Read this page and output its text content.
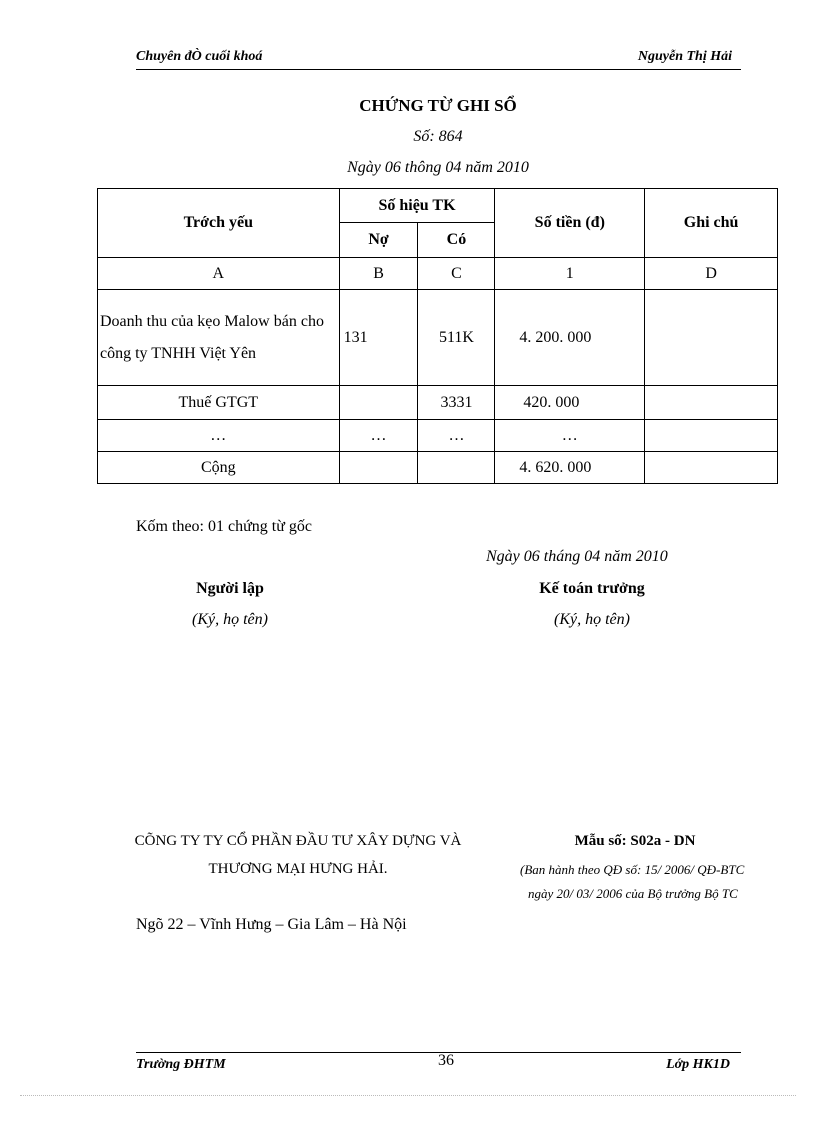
Chuyên đÒ cuối khoá	Nguyễn Thị Hải
CHỨNG TỪ GHI SỔ
Số: 864
Ngày 06 thông 04 năm 2010
Trớch yếu	Số hiệu TK		Số tiền (đ)	Ghi chú
	Nợ	Có		
A	B	C	1	D
Doanh thu của kẹo Malow bán cho công ty TNHH Việt Yên	131	511K	4. 200. 000	
Thuế GTGT		3331	420. 000	
…	…	…	…	
Cộng			4. 620. 000	
Kốm theo: 01 chứng từ gốc
Ngày 06 tháng 04 năm 2010
Người lập
(Ký, họ tên)
Kế toán trưởng
(Ký, họ tên)
CÕNG TY TY CỔ PHẦN ĐẦU TƯ XÂY DỰNG VÀ
THƯƠNG MẠI HƯNG HẢI.
Ngõ 22 – Vĩnh Hưng – Gia Lâm – Hà Nội
Mẫu số: S02a - DN
(Ban hành theo QĐ số: 15/ 2006/ QĐ-BTC
ngày 20/ 03/ 2006 của Bộ trưởng Bộ TC
Trường ĐHTM	36	Lớp HK1D
